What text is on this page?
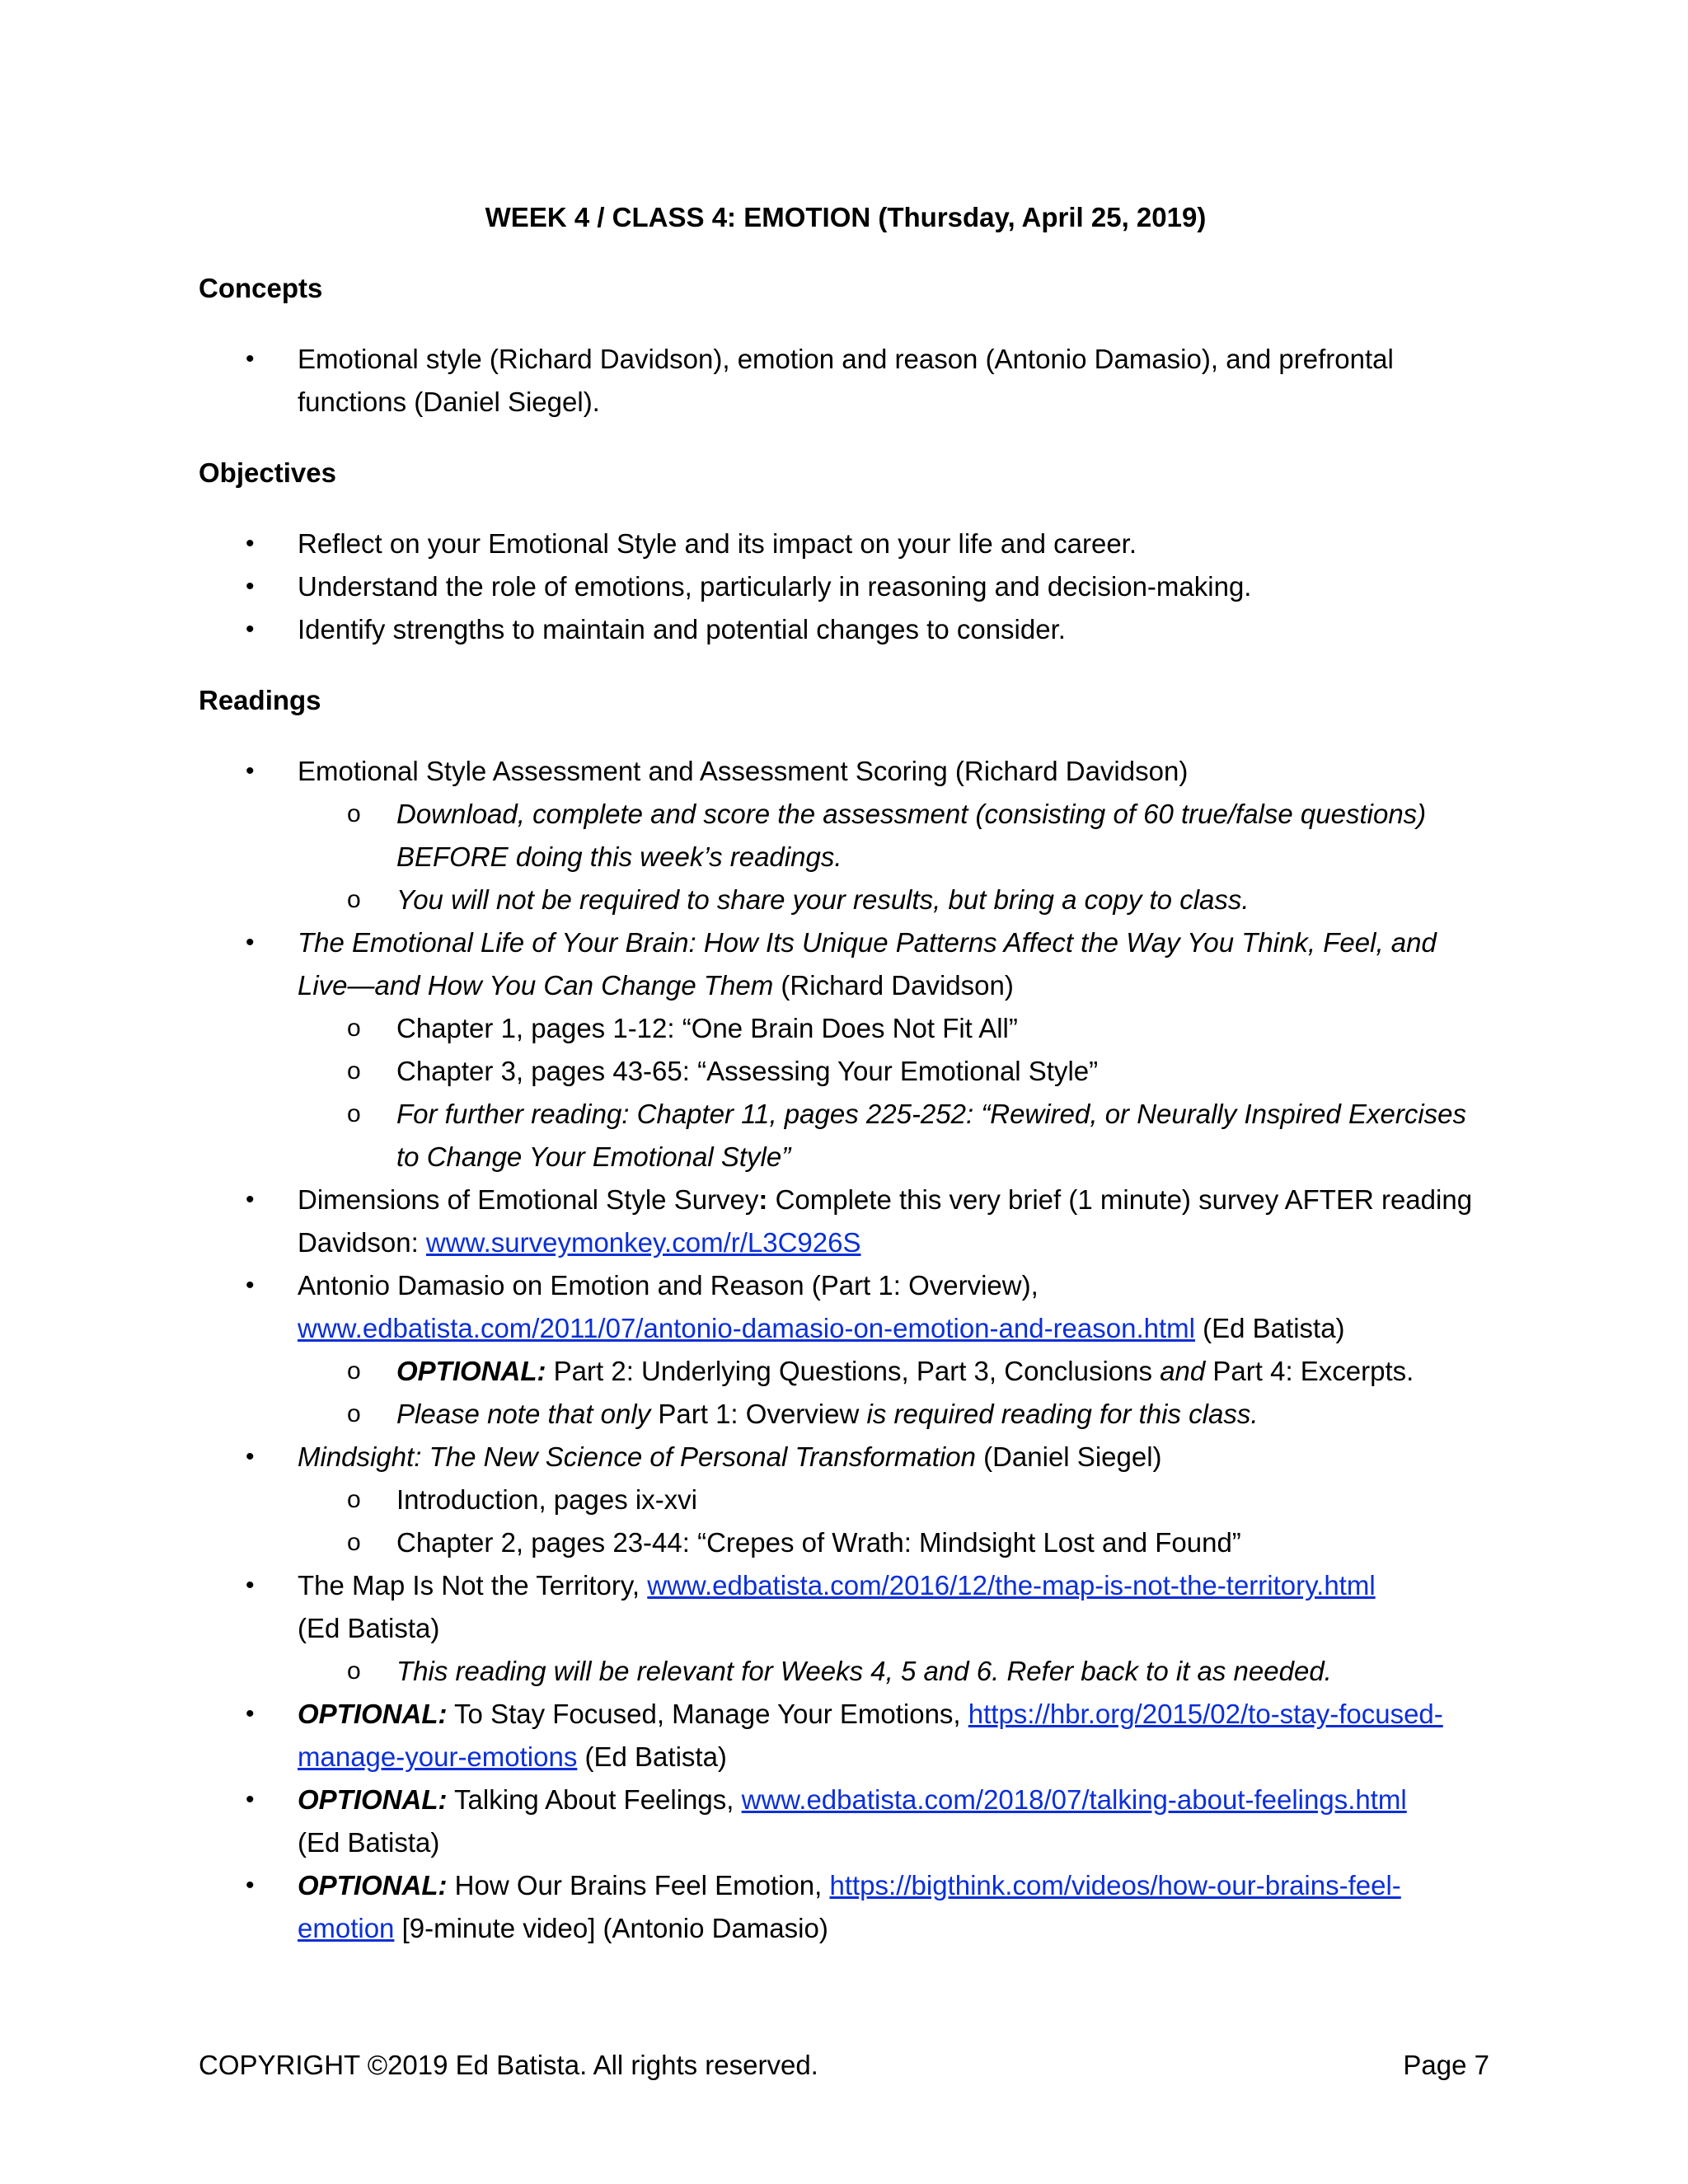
WEEK 4 / CLASS 4: EMOTION (Thursday, April 25, 2019)
Concepts
• Emotional style (Richard Davidson), emotion and reason (Antonio Damasio), and prefrontal functions (Daniel Siegel).
Objectives
• Reflect on your Emotional Style and its impact on your life and career.
• Understand the role of emotions, particularly in reasoning and decision-making.
• Identify strengths to maintain and potential changes to consider.
Readings
• Emotional Style Assessment and Assessment Scoring (Richard Davidson)
o Download, complete and score the assessment (consisting of 60 true/false questions) BEFORE doing this week’s readings.
o You will not be required to share your results, but bring a copy to class.
• The Emotional Life of Your Brain: How Its Unique Patterns Affect the Way You Think, Feel, and Live—and How You Can Change Them (Richard Davidson)
o Chapter 1, pages 1-12: “One Brain Does Not Fit All”
o Chapter 3, pages 43-65: “Assessing Your Emotional Style”
o For further reading: Chapter 11, pages 225-252: “Rewired, or Neurally Inspired Exercises to Change Your Emotional Style”
• Dimensions of Emotional Style Survey: Complete this very brief (1 minute) survey AFTER reading Davidson: www.surveymonkey.com/r/L3C926S
• Antonio Damasio on Emotion and Reason (Part 1: Overview),
www.edbatista.com/2011/07/antonio-damasio-on-emotion-and-reason.html (Ed Batista)
o OPTIONAL: Part 2: Underlying Questions, Part 3, Conclusions and Part 4: Excerpts.
o Please note that only Part 1: Overview is required reading for this class.
• Mindsight: The New Science of Personal Transformation (Daniel Siegel)
o Introduction, pages ix-xvi
o Chapter 2, pages 23-44: “Crepes of Wrath: Mindsight Lost and Found”
• The Map Is Not the Territory, www.edbatista.com/2016/12/the-map-is-not-the-territory.html
(Ed Batista)
o This reading will be relevant for Weeks 4, 5 and 6. Refer back to it as needed.
• OPTIONAL: To Stay Focused, Manage Your Emotions, https://hbr.org/2015/02/to-stay-focused-manage-your-emotions (Ed Batista)
• OPTIONAL: Talking About Feelings, www.edbatista.com/2018/07/talking-about-feelings.html
(Ed Batista)
• OPTIONAL: How Our Brains Feel Emotion, https://bigthink.com/videos/how-our-brains-feel-emotion [9-minute video] (Antonio Damasio)
COPYRIGHT ©2019 Ed Batista. All rights reserved.	Page 7
